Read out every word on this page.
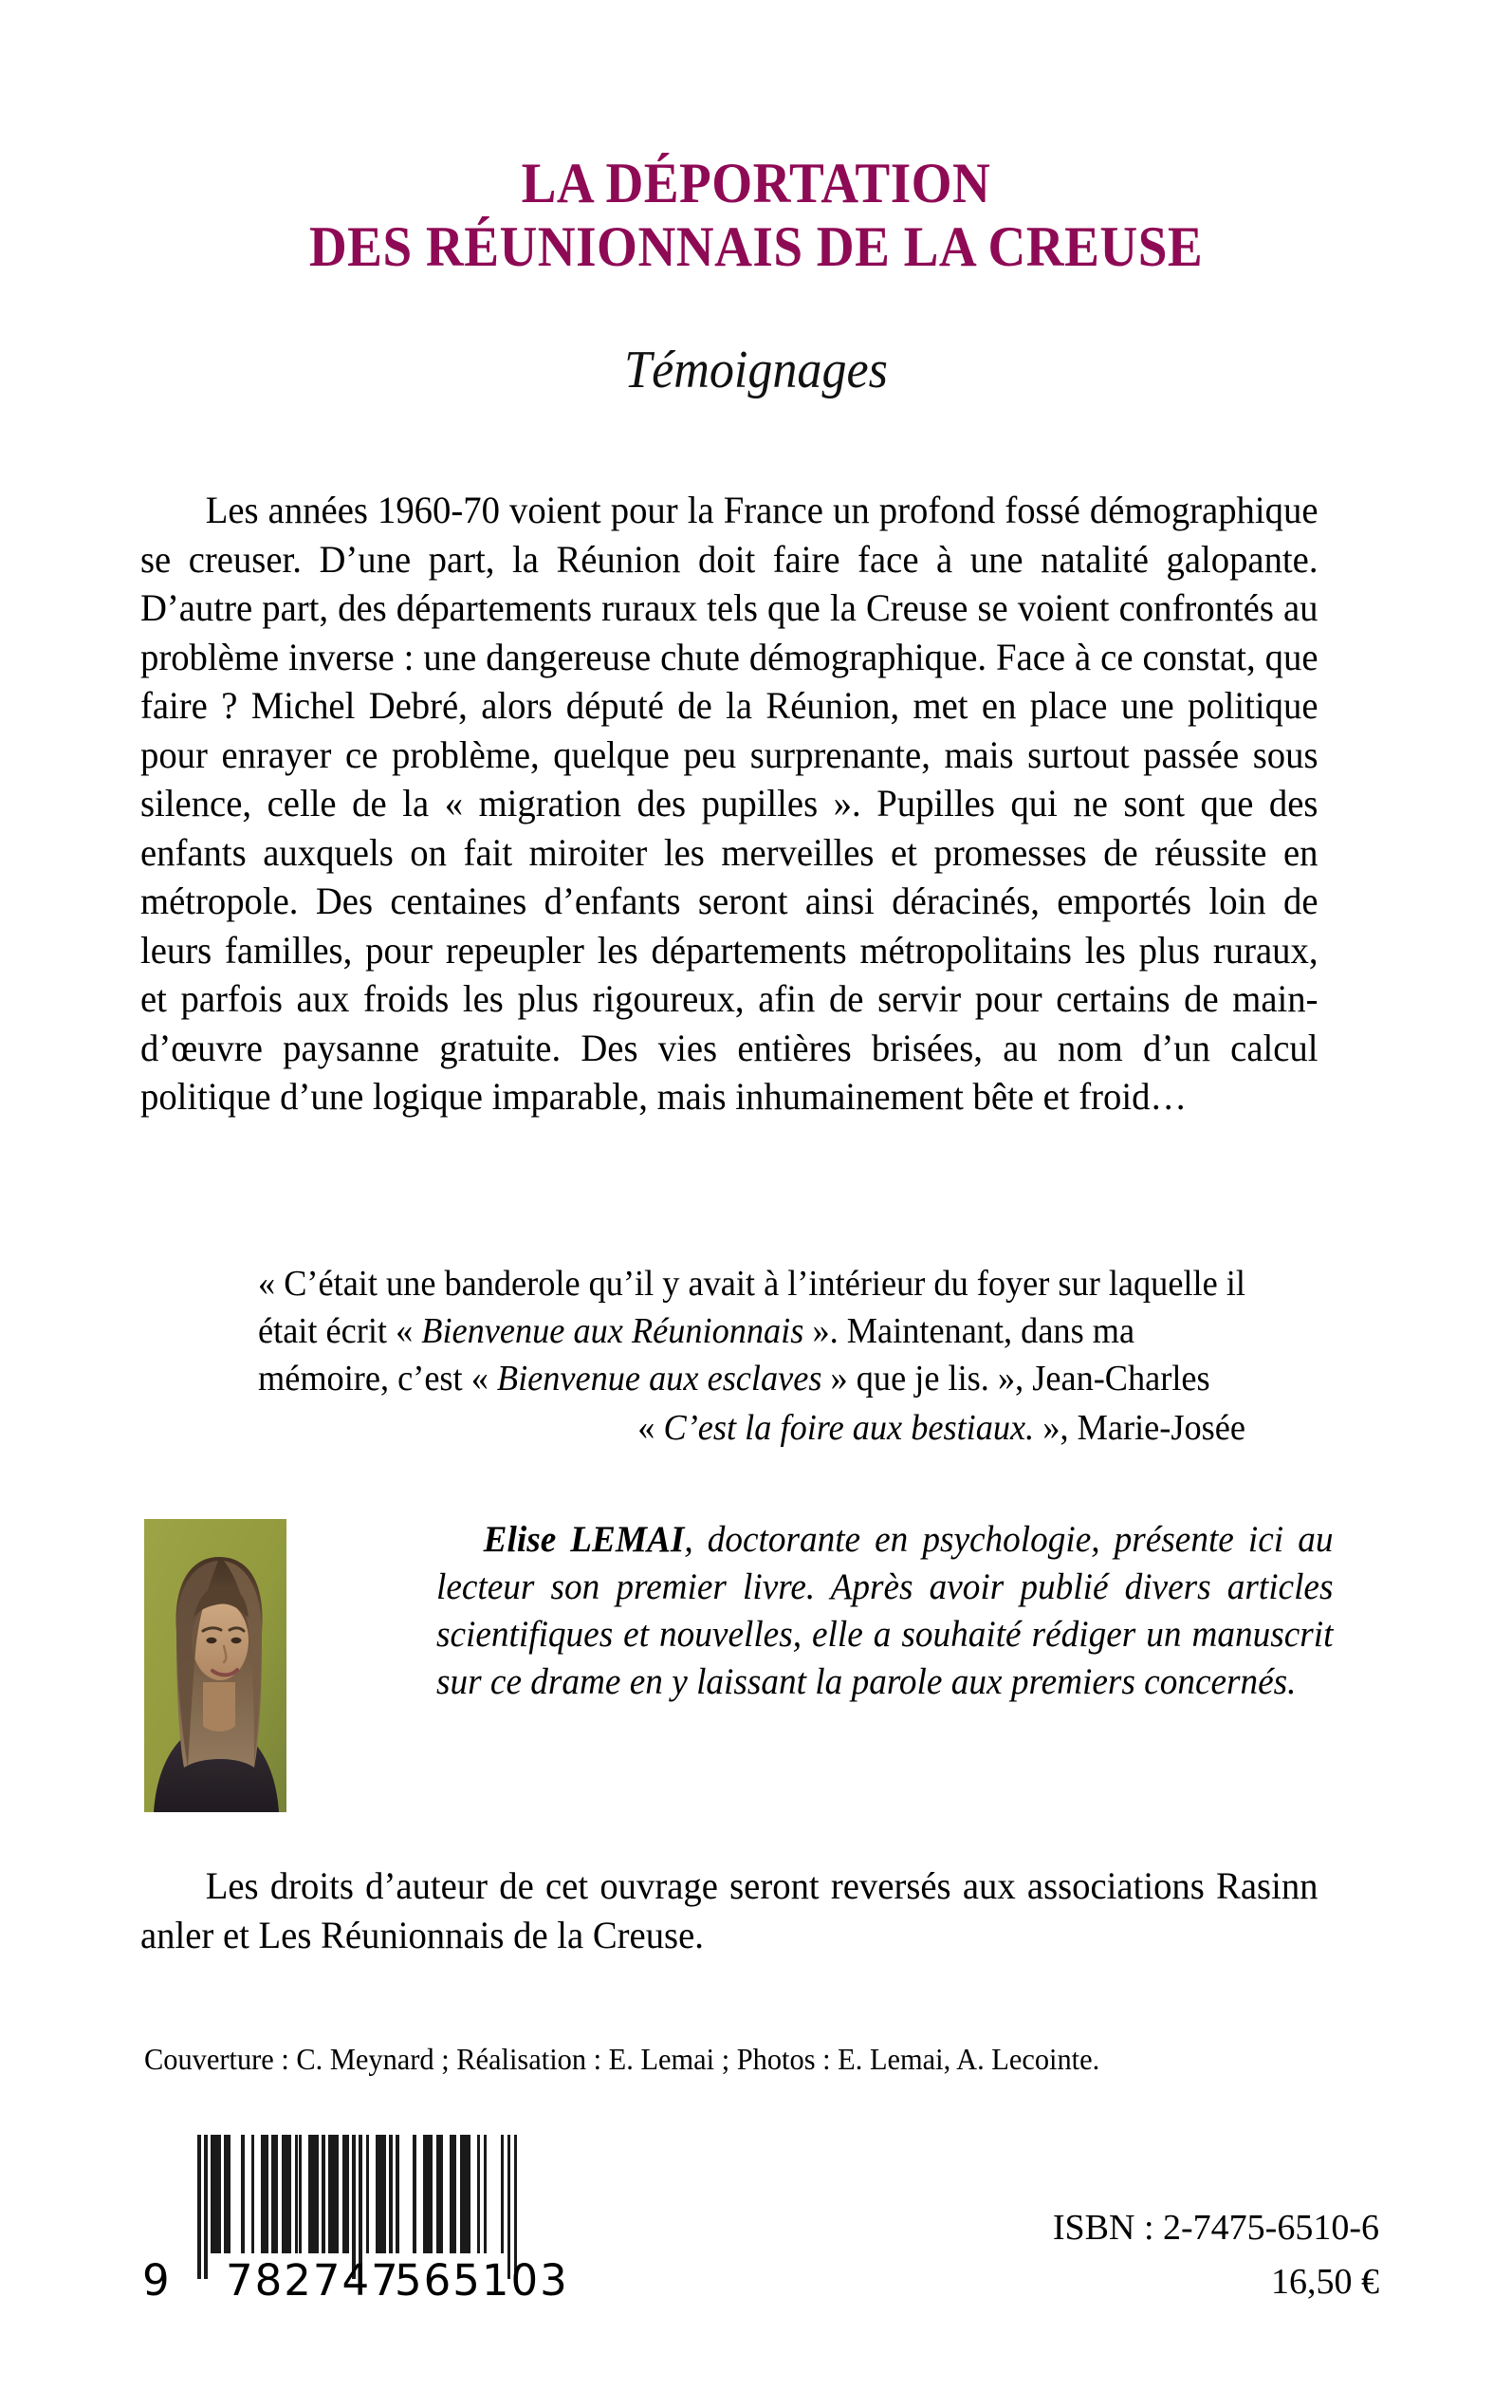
LA DÉPORTATION
DES RÉUNIONNAIS DE LA CREUSE
Témoignages
Les années 1960-70 voient pour la France un profond fossé démographique se creuser. D’une part, la Réunion doit faire face à une natalité galopante. D’autre part, des départements ruraux tels que la Creuse se voient confrontés au problème inverse : une dangereuse chute démographique. Face à ce constat, que faire ? Michel Debré, alors député de la Réunion, met en place une politique pour enrayer ce problème, quelque peu surprenante, mais surtout passée sous silence, celle de la « migration des pupilles ». Pupilles qui ne sont que des enfants auxquels on fait miroiter les merveilles et promesses de réussite en métropole. Des centaines d’enfants seront ainsi déracinés, emportés loin de leurs familles, pour repeupler les départements métropolitains les plus ruraux, et parfois aux froids les plus rigoureux, afin de servir pour certains de main-d’œuvre paysanne gratuite. Des vies entières brisées, au nom d’un calcul politique d’une logique imparable, mais inhumainement bête et froid…
« C’était une banderole qu’il y avait à l’intérieur du foyer sur laquelle il était écrit « Bienvenue aux Réunionnais ». Maintenant, dans ma mémoire, c’est « Bienvenue aux esclaves » que je lis. », Jean-Charles
« C’est la foire aux bestiaux. », Marie-Josée
Elise LEMAI, doctorante en psychologie, présente ici au lecteur son premier livre. Après avoir publié divers articles scientifiques et nouvelles, elle a souhaité rédiger un manuscrit sur ce drame en y laissant la parole aux premiers concernés.
Les droits d’auteur de cet ouvrage seront reversés aux associations Rasinn anler et Les Réunionnais de la Creuse.
Couverture : C. Meynard ; Réalisation : E. Lemai ; Photos : E. Lemai, A. Lecointe.
9 782747
565103
ISBN : 2-7475-6510-6
16,50 €
